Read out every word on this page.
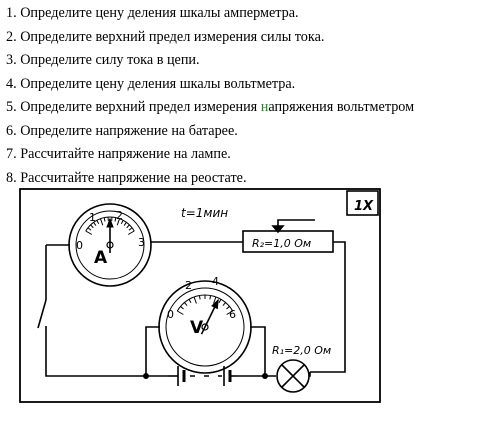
1. Определите цену деления шкалы амперметра.
2. Определите верхний предел измерения силы тока.
3. Определите силу тока в цепи.
4. Определите цену деления шкалы вольтметра.
5. Определите верхний предел измерения напряжения вольтметром
6. Определите напряжение на батарее.
7. Рассчитайте напряжение на лампе.
8. Рассчитайте напряжение на реостате.
0
1 2
3
A
0
2 4
6
V
t=1мин
R₂=1,0 Ом
R₁=2,0 Ом
1Х
